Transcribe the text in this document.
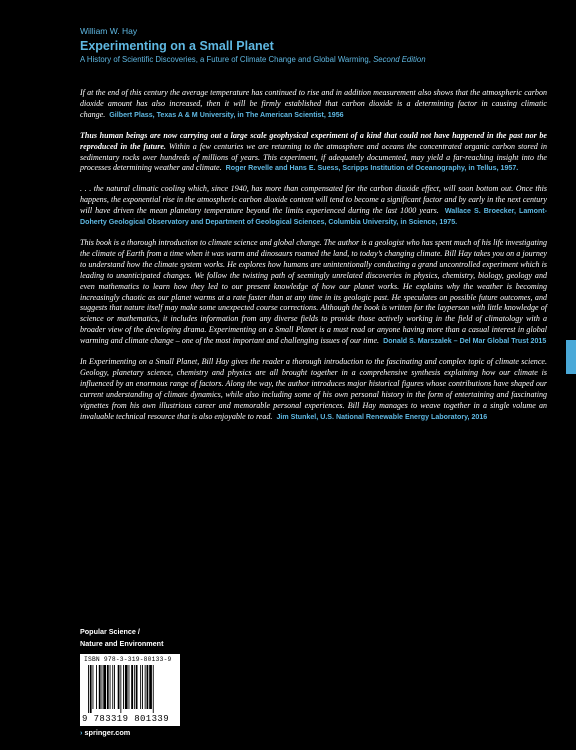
William W. Hay
Experimenting on a Small Planet
A History of Scientific Discoveries, a Future of Climate Change and Global Warming, Second Edition

If at the end of this century the average temperature has continued to rise and in addition measurement also shows that the atmospheric carbon dioxide amount has also increased, then it will be firmly established that carbon dioxide is a determining factor in causing climatic change. Gilbert Plass, Texas A & M University, in The American Scientist, 1956

Thus human beings are now carrying out a large scale geophysical experiment of a kind that could not have happened in the past nor be reproduced in the future. Within a few centuries we are returning to the atmosphere and oceans the concentrated organic carbon stored in sedimentary rocks over hundreds of millions of years. This experiment, if adequately documented, may yield a far-reaching insight into the processes determining weather and climate. Roger Revelle and Hans E. Suess, Scripps Institution of Oceanography, in Tellus, 1957.

. . . the natural climatic cooling which, since 1940, has more than compensated for the carbon dioxide effect, will soon bottom out. Once this happens, the exponential rise in the atmospheric carbon dioxide content will tend to become a significant factor and by early in the next century will have driven the mean planetary temperature beyond the limits experienced during the last 1000 years. Wallace S. Broecker, Lamont-Doherty Geological Observatory and Department of Geological Sciences, Columbia University, in Science, 1975.

This book is a thorough introduction to climate science and global change. The author is a geologist who has spent much of his life investigating the climate of Earth from a time when it was warm and dinosaurs roamed the land, to today’s changing climate. Bill Hay takes you on a journey to understand how the climate system works. He explores how humans are unintentionally conducting a grand uncontrolled experiment which is leading to unanticipated changes. We follow the twisting path of seemingly unrelated discoveries in physics, chemistry, biology, geology and even mathematics to learn how they led to our present knowledge of how our planet works. He explains why the weather is becoming increasingly chaotic as our planet warms at a rate faster than at any time in its geologic past. He speculates on possible future outcomes, and suggests that nature itself may make some unexpected course corrections. Although the book is written for the layperson with little knowledge of science or mathematics, it includes information from any diverse fields to provide those actively working in the field of climatology with a broader view of the developing drama. Experimenting on a Small Planet is a must read or anyone having more than a casual interest in global warming and climate change – one of the most important and challenging issues of our time. Donald S. Marszalek – Del Mar Global Trust 2015

In Experimenting on a Small Planet, Bill Hay gives the reader a thorough introduction to the fascinating and complex topic of climate science. Geology, planetary science, chemistry and physics are all brought together in a comprehensive synthesis explaining how our climate is influenced by an enormous range of factors. Along the way, the author introduces major historical figures whose contributions have shaped our current understanding of climate dynamics, while also including some of his own personal history in the form of entertaining and fascinating vignettes from his own illustrious career and memorable personal experiences. Bill Hay manages to weave together in a single volume an invaluable technical resource that is also enjoyable to read. Jim Stunkel, U.S. National Renewable Energy Laboratory, 2016

Popular Science /
Nature and Environment
ISBN 978-3-319-80133-9
9 783319 801339
› springer.com
